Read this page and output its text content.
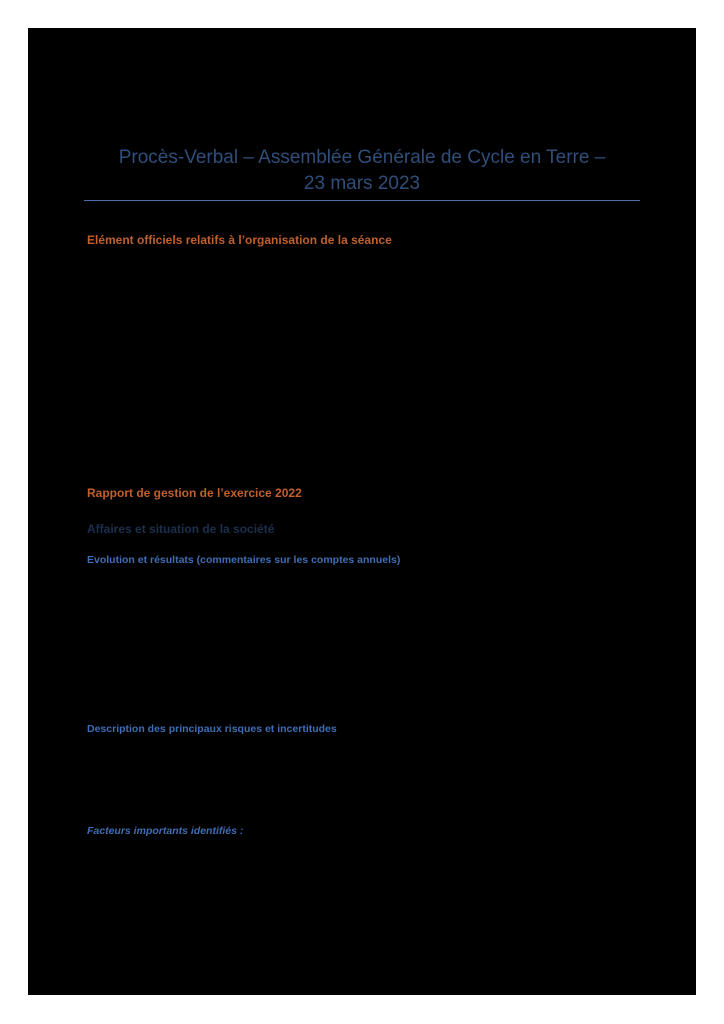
Procès-Verbal – Assemblée Générale de Cycle en Terre –
23 mars 2023
Elément officiels relatifs à l’organisation de la séance
Rapport de gestion de l’exercice 2022
Affaires et situation de la société
Evolution et résultats (commentaires sur les comptes annuels)
Description des principaux risques et incertitudes
Facteurs importants identifiés :
